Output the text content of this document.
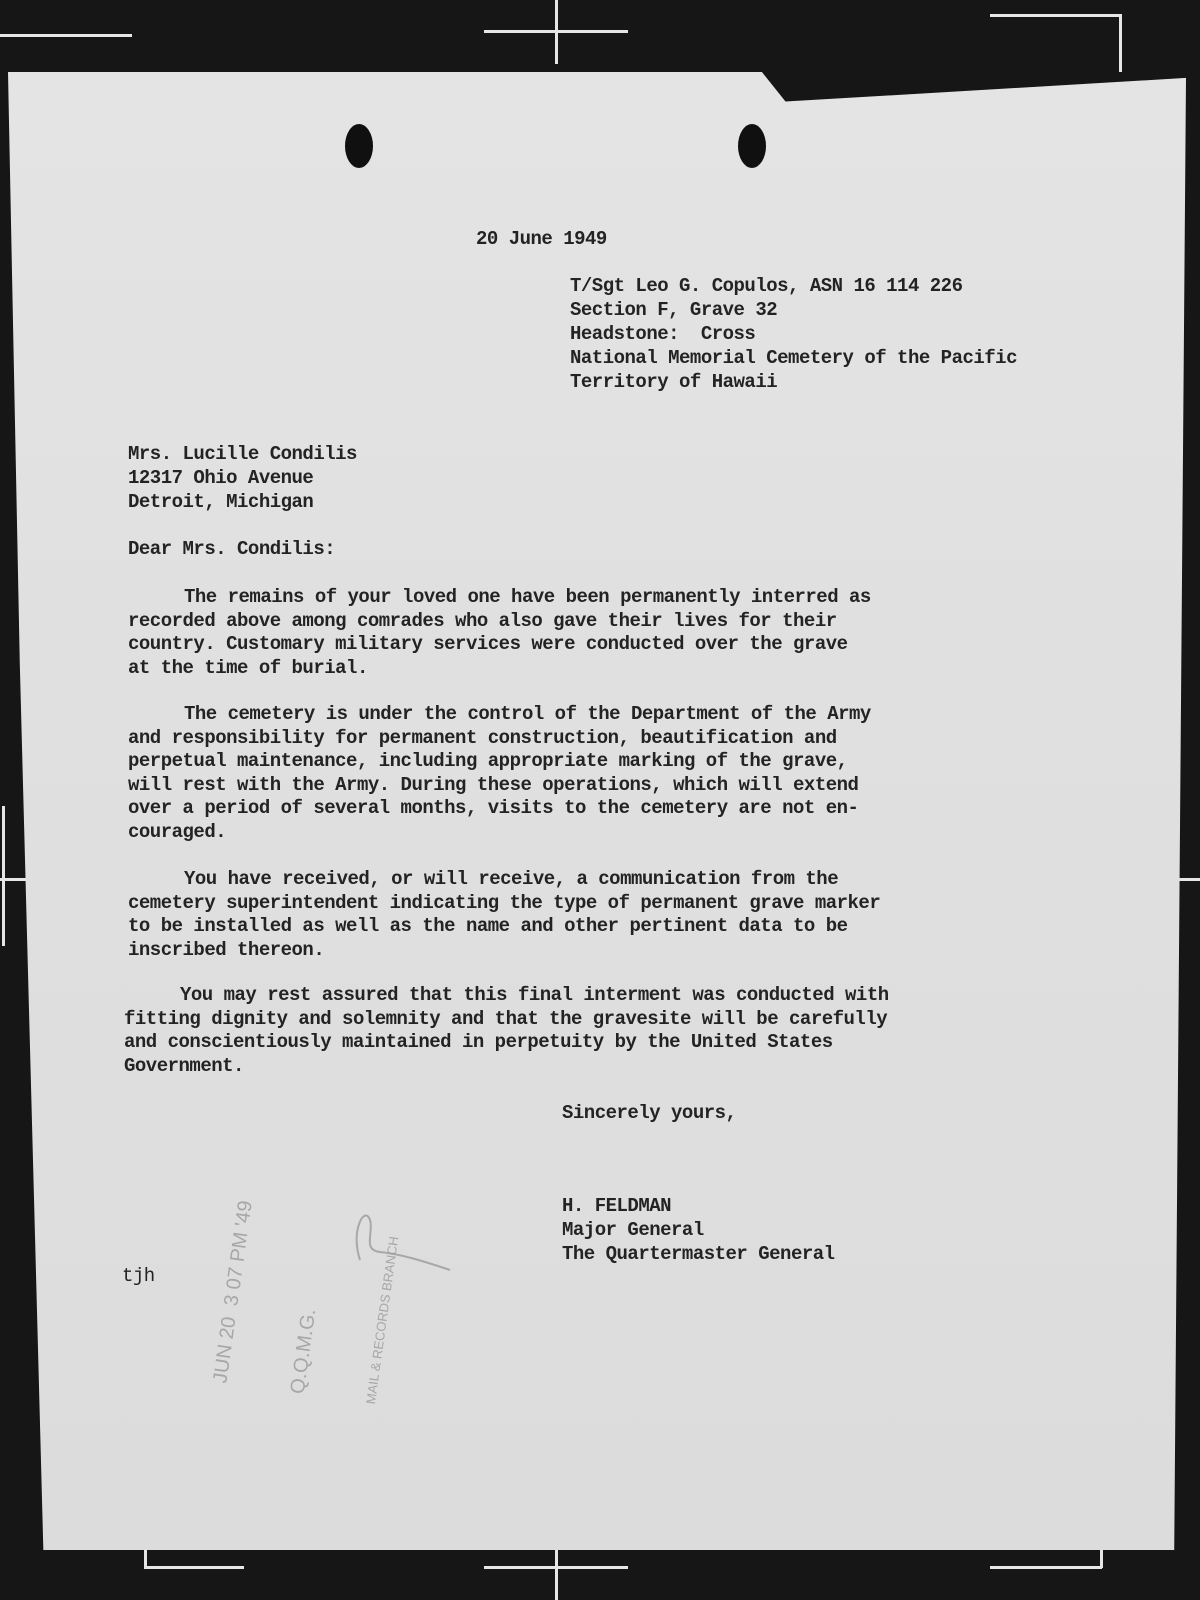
20 June 1949

T/Sgt Leo G. Copulos, ASN 16 114 226

Section F, Grave 32

Headstone:  Cross

National Memorial Cemetery of the Pacific

Territory of Hawaii

Mrs. Lucille Condilis

12317 Ohio Avenue

Detroit, Michigan

Dear Mrs. Condilis:

The remains of your loved one have been permanently interred as
recorded above among comrades who also gave their lives for their
country. Customary military services were conducted over the grave
at the time of burial.

The cemetery is under the control of the Department of the Army
and responsibility for permanent construction, beautification and
perpetual maintenance, including appropriate marking of the grave,
will rest with the Army. During these operations, which will extend
over a period of several months, visits to the cemetery are not en-
couraged.

You have received, or will receive, a communication from the
cemetery superintendent indicating the type of permanent grave marker
to be installed as well as the name and other pertinent data to be
inscribed thereon.

You may rest assured that this final interment was conducted with
fitting dignity and solemnity and that the gravesite will be carefully
and conscientiously maintained in perpetuity by the United States
Government.

Sincerely yours,

H. FELDMAN

Major General

The Quartermaster General

tjh

	JUN 20  3 07 PM '49

Q.Q.M.G.

	MAIL & RECORDS BRANCH
